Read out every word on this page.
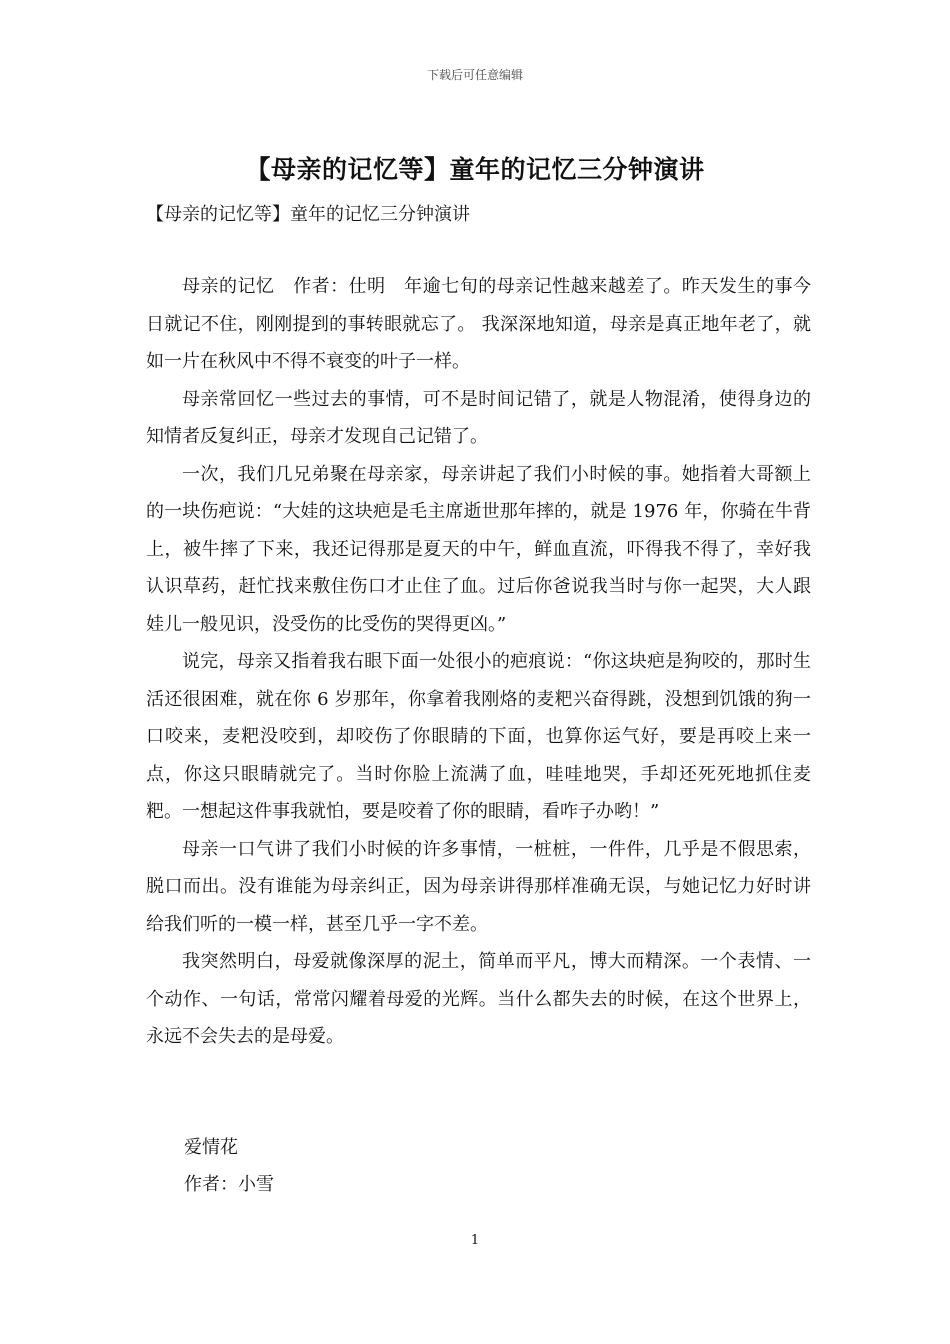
下载后可任意编辑
【母亲的记忆等】童年的记忆三分钟演讲
【母亲的记忆等】童年的记忆三分钟演讲

母亲的记忆　作者：仕明　年逾七旬的母亲记性越来越差了。昨天发生的事今日就记不住，刚刚提到的事转眼就忘了。 我深深地知道，母亲是真正地年老了，就如一片在秋风中不得不衰变的叶子一样。

母亲常回忆一些过去的事情，可不是时间记错了，就是人物混淆，使得身边的知情者反复纠正，母亲才发现自己记错了。

一次，我们几兄弟聚在母亲家，母亲讲起了我们小时候的事。她指着大哥额上的一块伤疤说：“大娃的这块疤是毛主席逝世那年摔的，就是 1976 年，你骑在牛背上，被牛摔了下来，我还记得那是夏天的中午，鲜血直流，吓得我不得了，幸好我认识草药，赶忙找来敷住伤口才止住了血。过后你爸说我当时与你一起哭，大人跟娃儿一般见识，没受伤的比受伤的哭得更凶。”

说完，母亲又指着我右眼下面一处很小的疤痕说：“你这块疤是狗咬的，那时生活还很困难，就在你 6 岁那年，你拿着我刚烙的麦粑兴奋得跳，没想到饥饿的狗一口咬来，麦粑没咬到，却咬伤了你眼睛的下面，也算你运气好，要是再咬上来一点，你这只眼睛就完了。当时你脸上流满了血，哇哇地哭，手却还死死地抓住麦粑。一想起这件事我就怕，要是咬着了你的眼睛，看咋子办哟！”

母亲一口气讲了我们小时候的许多事情，一桩桩，一件件，几乎是不假思索，脱口而出。没有谁能为母亲纠正，因为母亲讲得那样准确无误，与她记忆力好时讲给我们听的一模一样，甚至几乎一字不差。

我突然明白，母爱就像深厚的泥土，简单而平凡，博大而精深。一个表情、一个动作、一句话，常常闪耀着母爱的光辉。当什么都失去的时候，在这个世界上，永远不会失去的是母爱。

爱情花
作者：小雪
1
